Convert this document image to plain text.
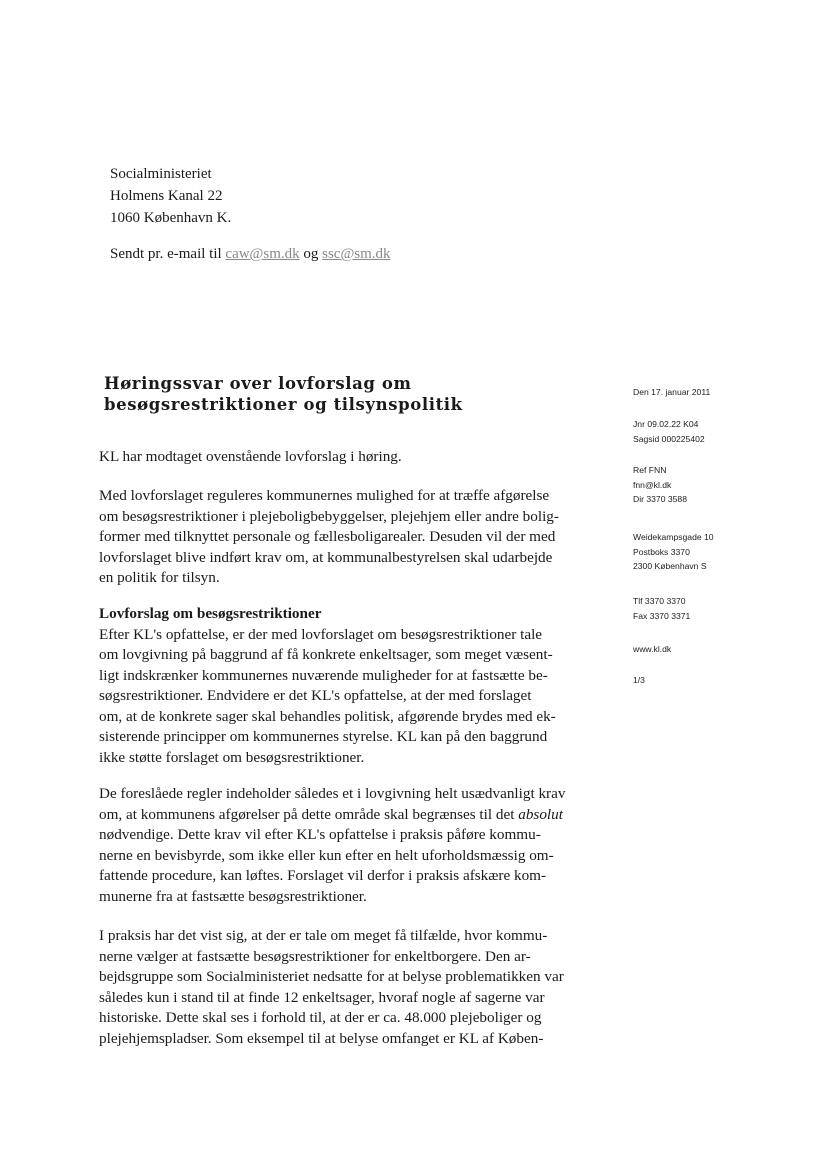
Socialministeriet
Holmens Kanal 22
1060 København K.
Sendt pr. e-mail til caw@sm.dk og ssc@sm.dk
Høringssvar over lovforslag om besøgsrestriktioner og tilsynspolitik
Den 17. januar 2011
Jnr 09.02.22 K04
Sagsid 000225402
Ref FNN
fnn@kl.dk
Dir 3370 3588
Weidekampsgade 10
Postboks 3370
2300 København S
Tlf 3370 3370
Fax 3370 3371
www.kl.dk
1/3

KL har modtaget ovenstående lovforslag i høring.

Med lovforslaget reguleres kommunernes mulighed for at træffe afgørelse
om besøgsrestriktioner i plejeboligbebyggelser, plejehjem eller andre bolig-
former med tilknyttet personale og fællesboligarealer. Desuden vil der med
lovforslaget blive indført krav om, at kommunalbestyrelsen skal udarbejde
en politik for tilsyn.
Lovforslag om besøgsrestriktioner
Efter KL's opfattelse, er der med lovforslaget om besøgsrestriktioner tale
om lovgivning på baggrund af få konkrete enkeltsager, som meget væsent-
ligt indskrænker kommunernes nuværende muligheder for at fastsætte be-
søgsrestriktioner. Endvidere er det KL's opfattelse, at der med forslaget
om, at de konkrete sager skal behandles politisk, afgørende brydes med ek-
sisterende principper om kommunernes styrelse. KL kan på den baggrund
ikke støtte forslaget om besøgsrestriktioner.
De foreslåede regler indeholder således et i lovgivning helt usædvanligt krav
om, at kommunens afgørelser på dette område skal begrænses til det absolut
nødvendige. Dette krav vil efter KL's opfattelse i praksis påføre kommu-
nerne en bevisbyrde, som ikke eller kun efter en helt uforholdsmæssig om-
fattende procedure, kan løftes. Forslaget vil derfor i praksis afskære kom-
munerne fra at fastsætte besøgsrestriktioner.
I praksis har det vist sig, at der er tale om meget få tilfælde, hvor kommu-
nerne vælger at fastsætte besøgsrestriktioner for enkeltborgere. Den ar-
bejdsgruppe som Socialministeriet nedsatte for at belyse problematikken var
således kun i stand til at finde 12 enkeltsager, hvoraf nogle af sagerne var
historiske. Dette skal ses i forhold til, at der er ca. 48.000 plejeboliger og
plejehjemspladser. Som eksempel til at belyse omfanget er KL af Køben-
